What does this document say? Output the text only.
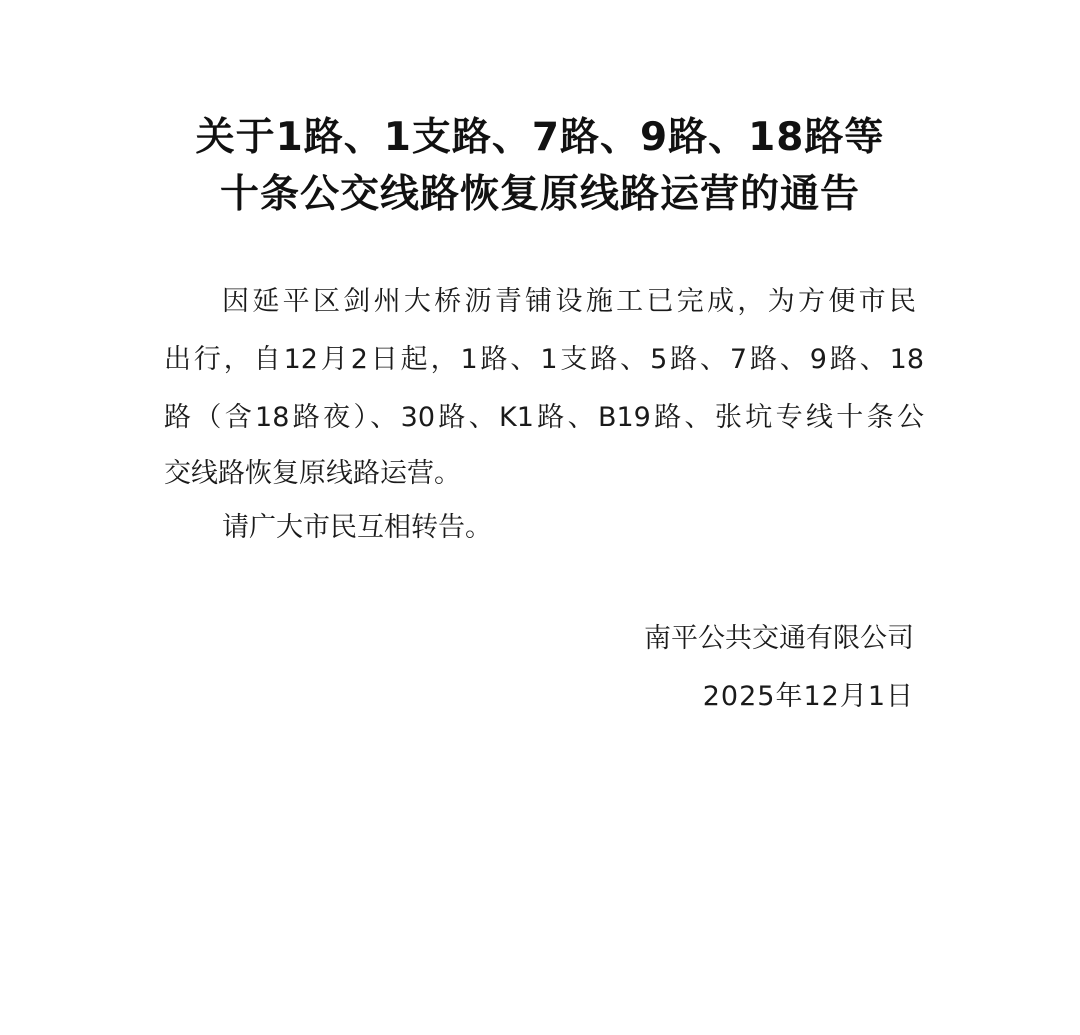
关于1路、1支路、7路、9路、18路等
十条公交线路恢复原线路运营的通告
因延平区剑州大桥沥青铺设施工已完成，为方便市民
出行，自12月2日起，1路、1支路、5路、7路、9路、18
路（含18路夜）、30路、K1路、B19路、张坑专线十条公
交线路恢复原线路运营。
请广大市民互相转告。
南平公共交通有限公司
2025年12月1日
